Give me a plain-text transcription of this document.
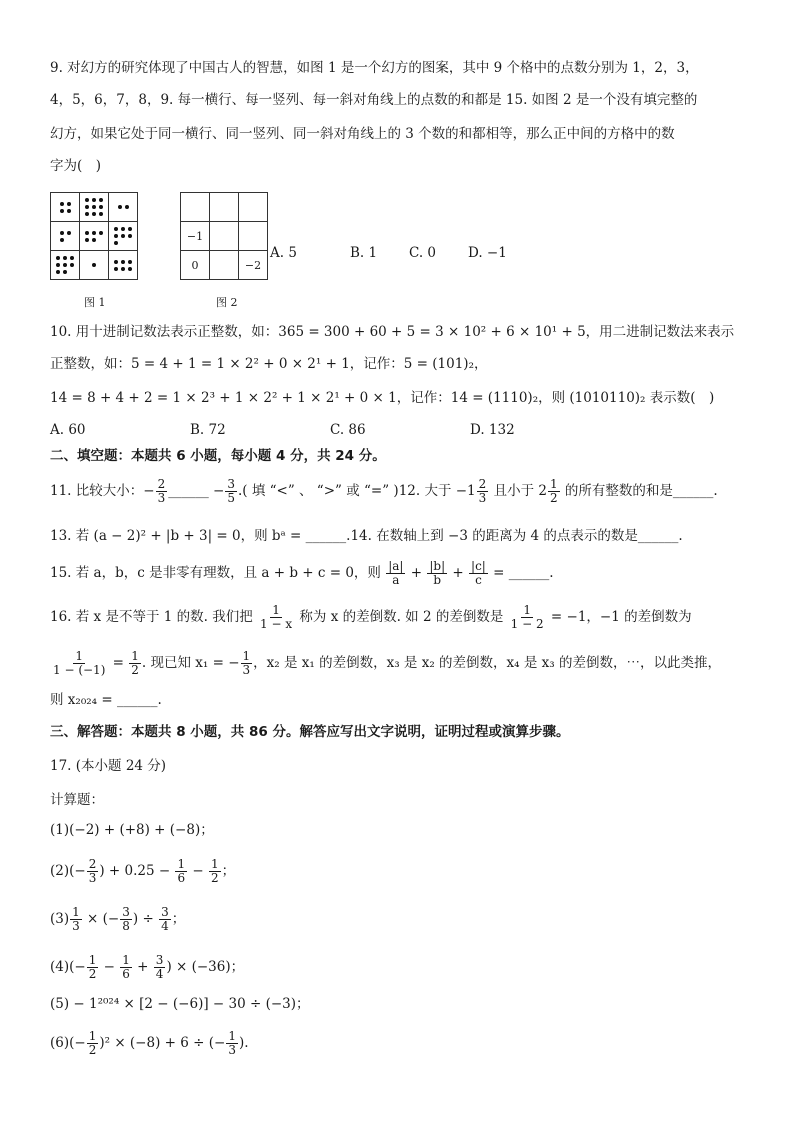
9. 对幻方的研究体现了中国古人的智慧，如图 1 是一个幻方的图案，其中 9 个格中的点数分别为 1，2，3，
4，5，6，7，8，9. 每一横行、每一竖列、每一斜对角线上的点数的和都是 15. 如图 2 是一个没有填完整的
幻方，如果它处于同一横行、同一竖列、同一斜对角线上的 3 个数的和都相等，那么正中间的方格中的数
字为(　)

图 1

−1		
0		−2
图 2
A. 5	B. 1 C. 0 D. −1
10. 用十进制记数法表示正整数，如：365 = 300 + 60 + 5 = 3 × 10² + 6 × 10¹ + 5，用二进制记数法来表示
正整数，如：5 = 4 + 1 = 1 × 2² + 0 × 2¹ + 1，记作：5 = (101)₂，
14 = 8 + 4 + 2 = 1 × 2³ + 1 × 2² + 1 × 2¹ + 0 × 1，记作：14 = (1110)₂，则 (1010110)₂ 表示数(　)
A. 60	B. 72	C. 86	D. 132
二、填空题：本题共 6 小题，每小题 4 分，共 24 分。
11. 比较大小：− $\frac{2}{3}$ ______ − $\frac{3}{5}$ .( 填 “<” 、 “>” 或 “=” )12. 大于 $-1 \frac{2}{3}$ 且小于 $2 \frac{1}{2}$ 的所有整数的和是______.
13. 若 (a − 2)² + |b + 3| = 0，则 bᵃ = ______.14. 在数轴上到 −3 的距离为 4 的点表示的数是______.
15. 若 a，b，c 是非零有理数，且 a + b + c = 0，则 $\frac{|a|}{a} + \frac{|b|}{b} + \frac{|c|}{c}$ = ______.
16. 若 x 是不等于 1 的数. 我们把 $\frac{1}{1 - x}$ 称为 x 的差倒数. 如 2 的差倒数是 $\frac{1}{1 - 2} = -1$，−1 的差倒数为
$\frac{1}{1 - (-1)} = \frac{1}{2}$ . 现已知 x₁ = − $\frac{1}{3}$ ，x₂ 是 x₁ 的差倒数，x₃ 是 x₂ 的差倒数，x₄ 是 x₃ 的差倒数，⋯，以此类推，
则 x₂₀₂₄ = ______.
三、解答题：本题共 8 小题，共 86 分。解答应写出文字说明，证明过程或演算步骤。
17. (本小题 24 分)
计算题：
(1)(−2) + (+8) + (−8)；
$(2)(- \frac{2}{3}$ ) + $0.25 - \frac{1}{6} - \frac{1}{2}$ ；
$(3) \frac{1}{3}$ × (− $\frac{3}{8}$ ) ÷ $\frac{3}{4}$ ；
$(4)(- \frac{1}{2} - \frac{1}{6} + \frac{3}{4}$ ) × (−36)；
(5) − 1²⁰²⁴ × [2 − (−6)] − 30 ÷ (−3)；
$(6)(- \frac{1}{2} )^2 \times (-8) + 6$ ÷ (− $\frac{1}{3}$ ).
